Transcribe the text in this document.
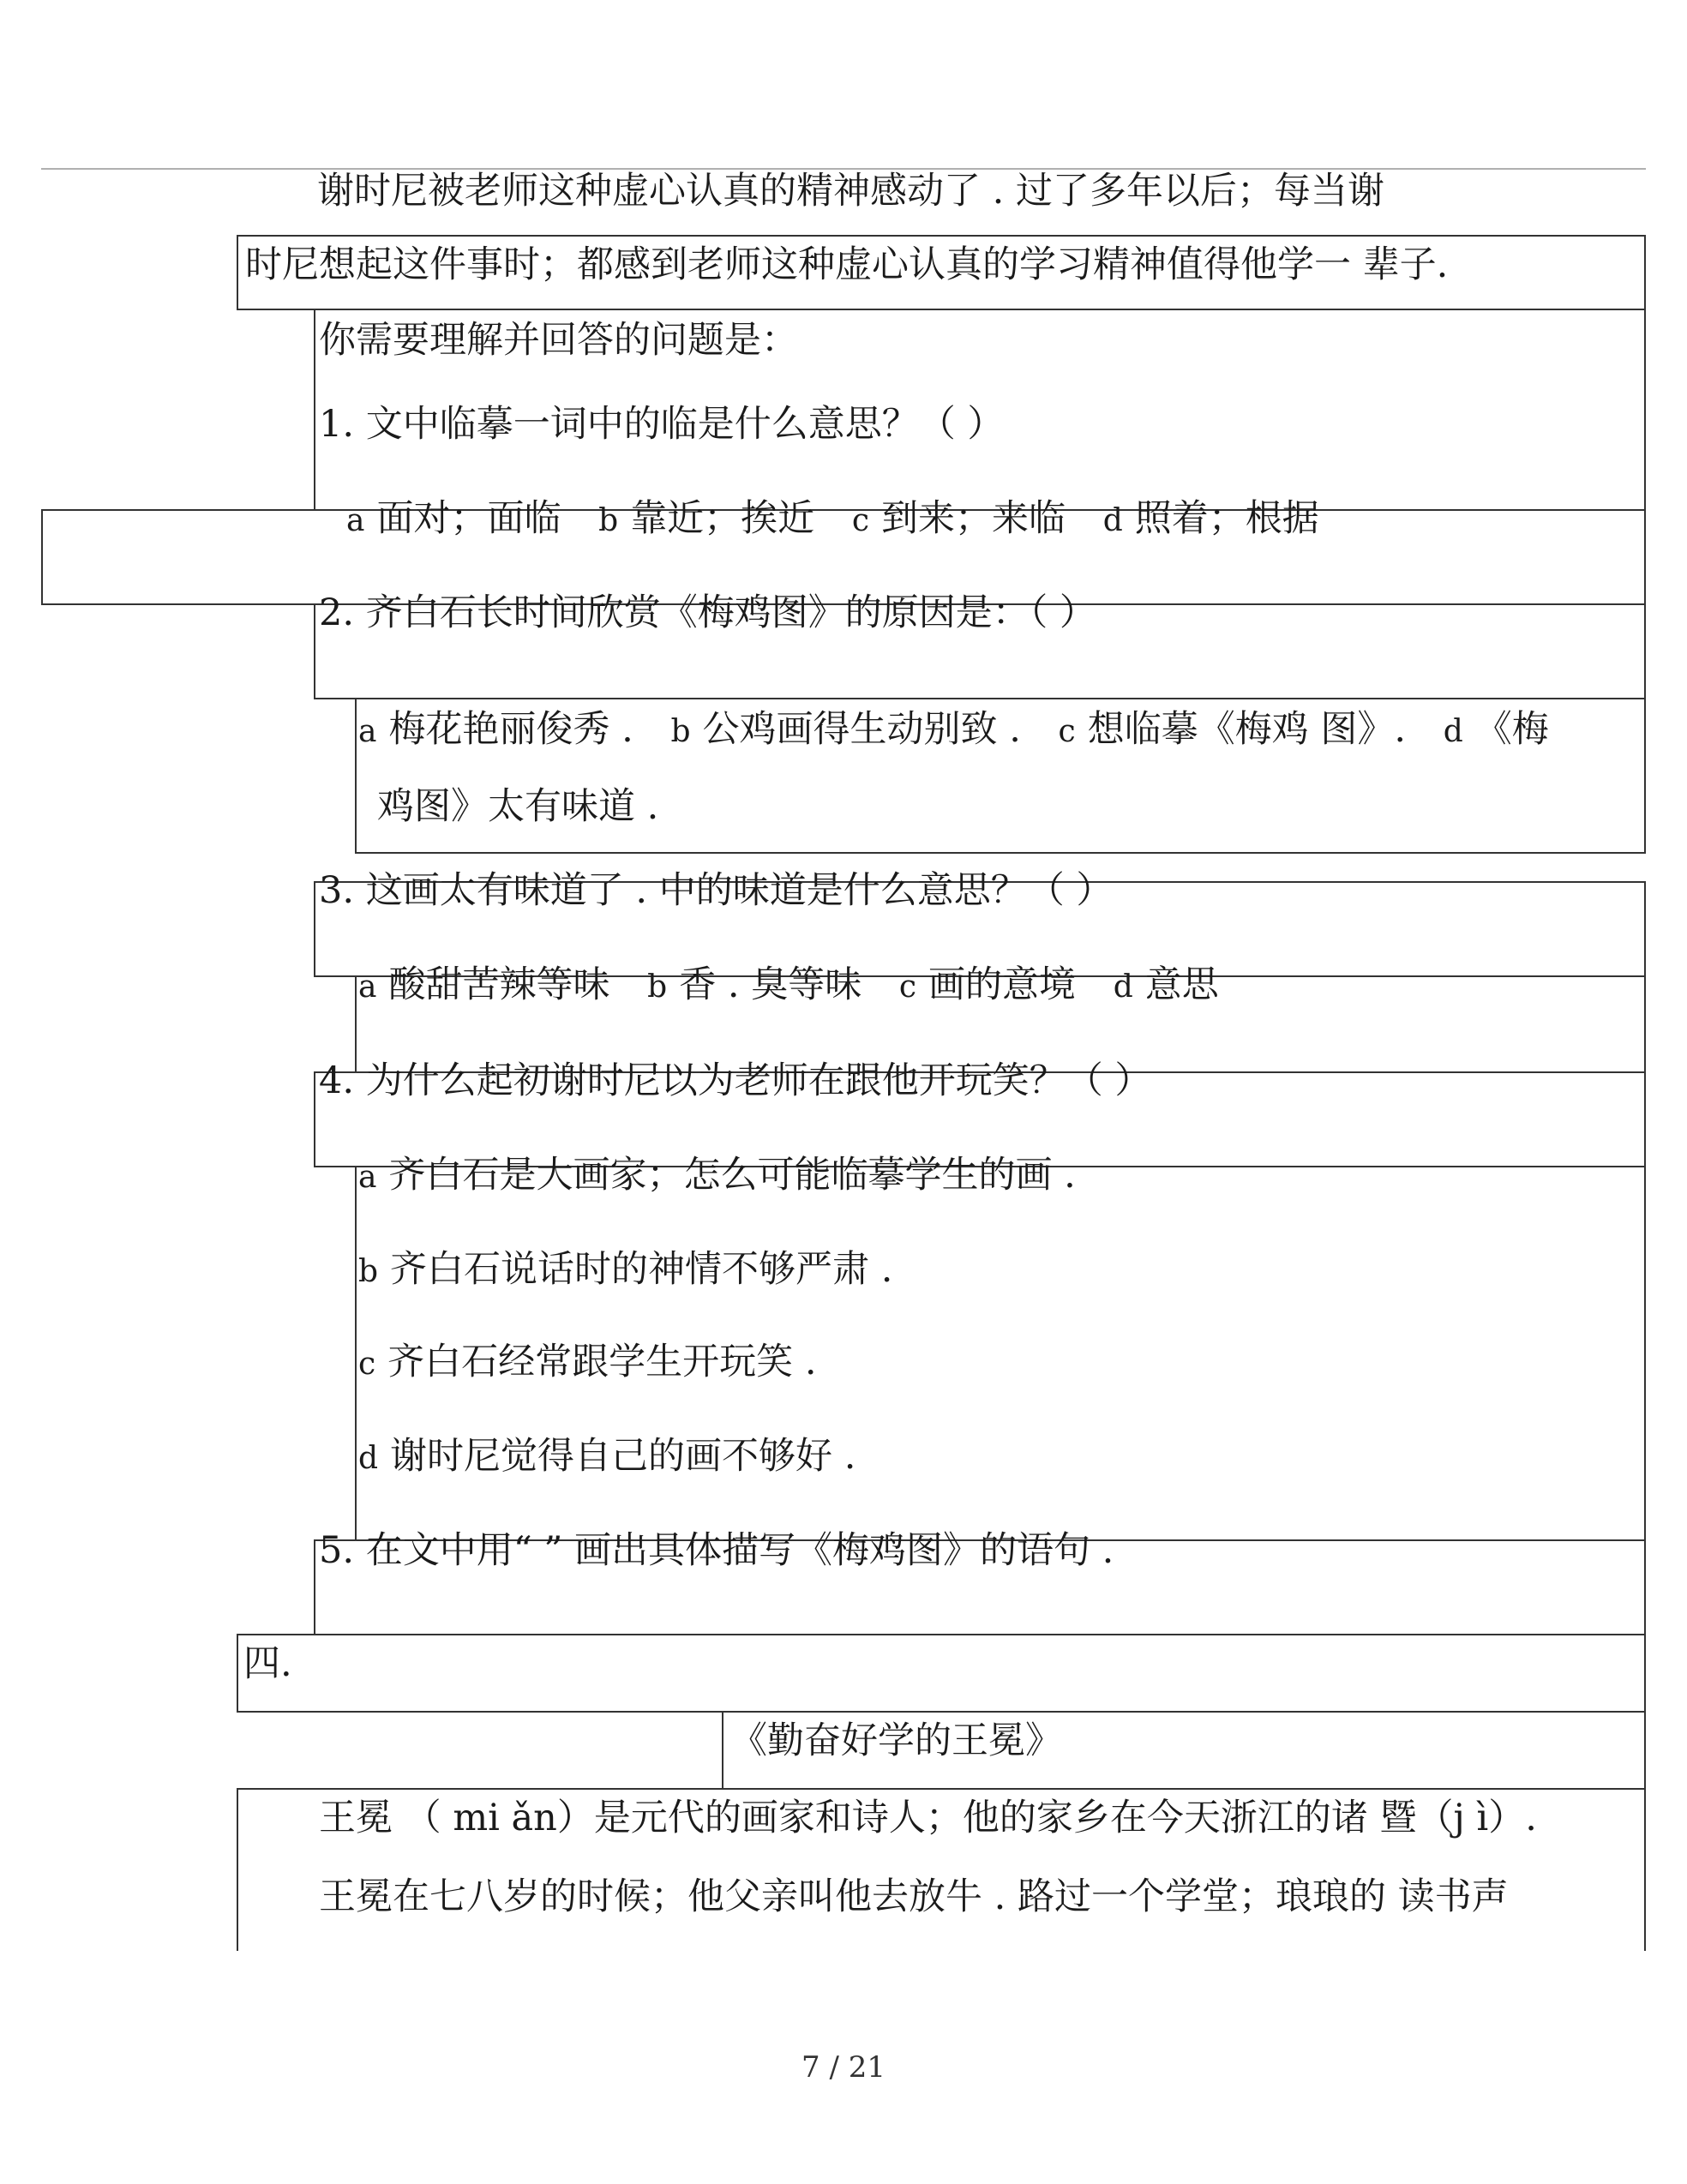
谢时尼被老师这种虚心认真的精神感动了 . 过了多年以后；每当谢
时尼想起这件事时；都感到老师这种虚心认真的学习精神值得他学一 辈子.
你需要理解并回答的问题是：
1. 文中临摹一词中的临是什么意思？（ ）
a 面对；面临 b 靠近；挨近 c 到来；来临 d 照着；根据
2. 齐白石长时间欣赏《梅鸡图》的原因是：（ ）
a 梅花艳丽俊秀 . b 公鸡画得生动别致 . c 想临摹《梅鸡 图》. d 《梅
鸡图》太有味道 .
3. 这画太有味道了 . 中的味道是什么意思？（ ）
a 酸甜苦辣等味 b 香 . 臭等味 c 画的意境 d 意思
4. 为什么起初谢时尼以为老师在跟他开玩笑？（ ）
a 齐白石是大画家；怎么可能临摹学生的画 .
b 齐白石说话时的神情不够严肃 .
c 齐白石经常跟学生开玩笑 .
d 谢时尼觉得自己的画不够好 .
5. 在文中用“ ” 画出具体描写《梅鸡图》的语句 .
四.
《勤奋好学的王冕》
王冕 （ mi ǎn）是元代的画家和诗人；他的家乡在今天浙江的诸 暨（j ì）.
王冕在七八岁的时候；他父亲叫他去放牛 . 路过一个学堂；琅琅的 读书声
7 / 21
